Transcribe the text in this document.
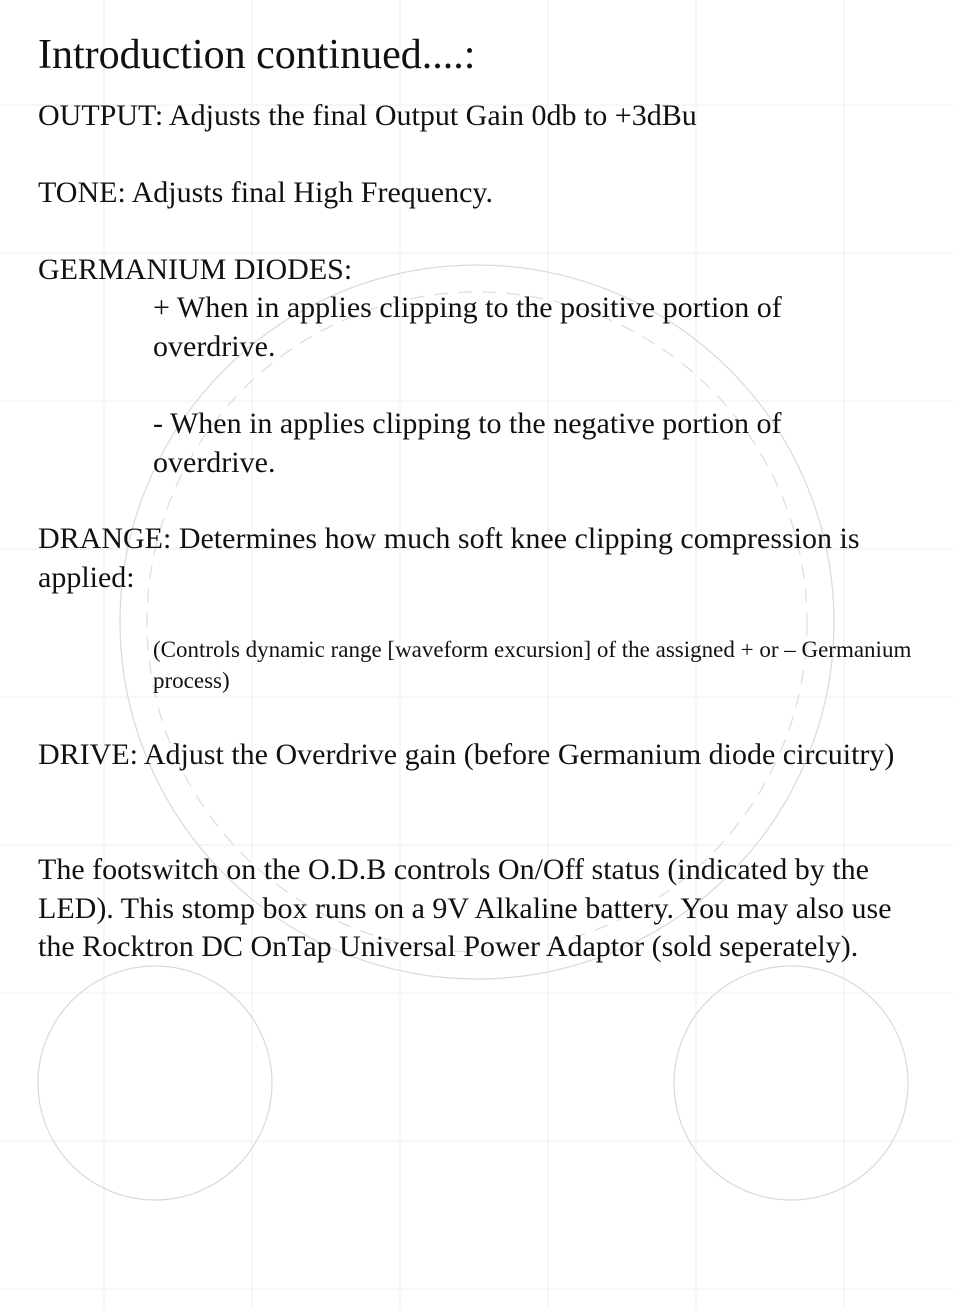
Introduction continued....:

OUTPUT: Adjusts the final Output Gain 0db to +3dBu

TONE: Adjusts final High Frequency.

GERMANIUM DIODES:

+ When in applies clipping to the positive portion of overdrive.

- When in applies clipping to the negative portion of overdrive.

DRANGE: Determines how much soft knee clipping compression is applied:

(Controls dynamic range [waveform excursion] of the assigned + or – Germanium process)

DRIVE: Adjust the Overdrive gain (before Germanium diode circuitry)

The footswitch on the O.D.B controls On/Off status (indicated by the LED). This stomp box runs on a 9V Alkaline battery. You may also use the Rocktron DC OnTap Universal Power Adaptor (sold seperately).
